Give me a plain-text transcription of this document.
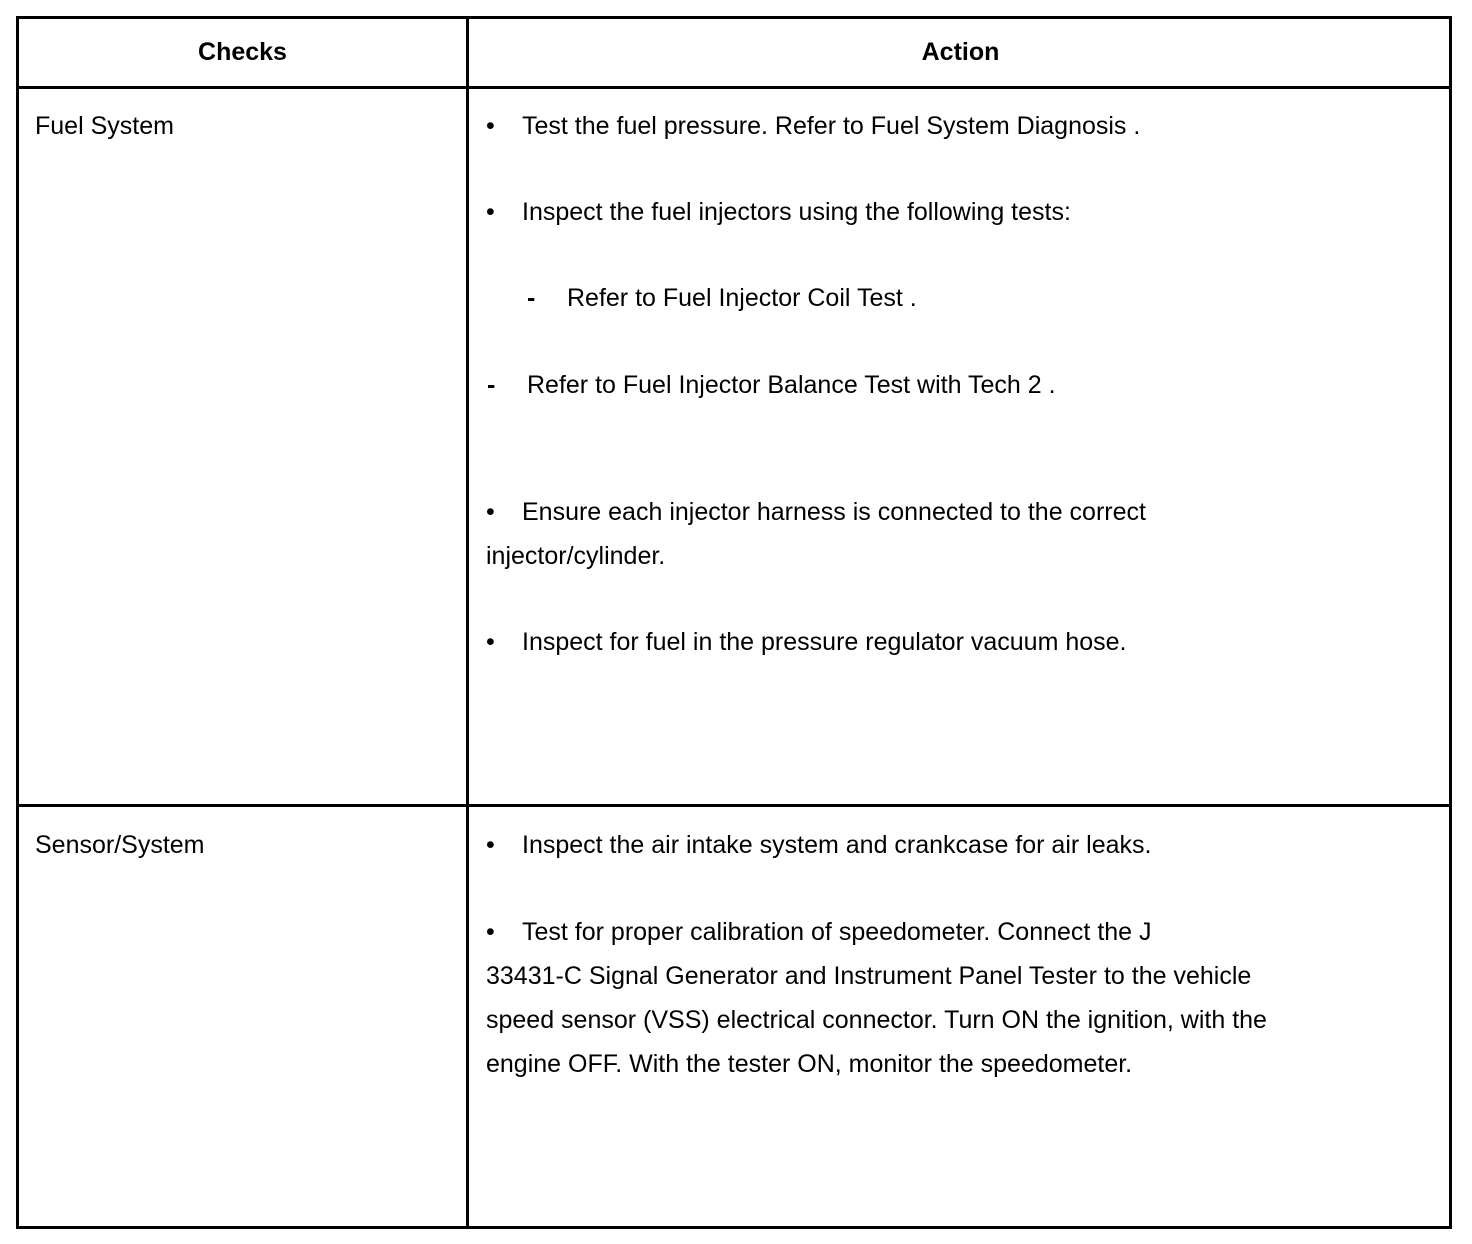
Checks	Action
Fuel System	• Test the fuel pressure. Refer to Fuel System Diagnosis .
• Inspect the fuel injectors using the following tests:
- Refer to Fuel Injector Coil Test .
- Refer to Fuel Injector Balance Test with Tech 2 .
• Ensure each injector harness is connected to the correct
injector/cylinder.
• Inspect for fuel in the pressure regulator vacuum hose.
Sensor/System	• Inspect the air intake system and crankcase for air leaks.
• Test for proper calibration of speedometer. Connect the J
33431-C Signal Generator and Instrument Panel Tester to the vehicle
speed sensor (VSS) electrical connector. Turn ON the ignition, with the
engine OFF. With the tester ON, monitor the speedometer.
